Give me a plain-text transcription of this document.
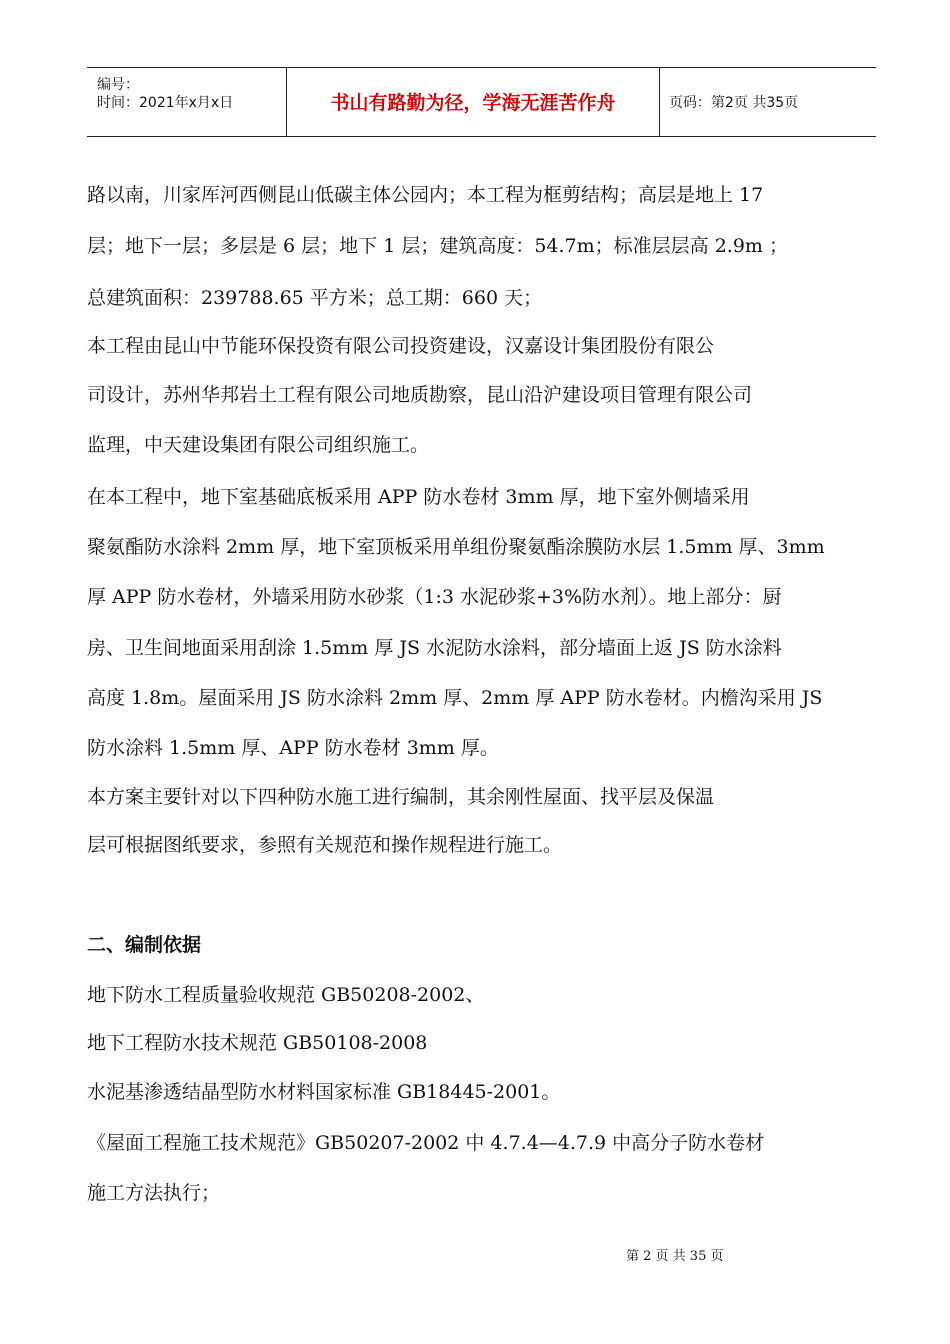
编号：
时间：2021年x月x日	书山有路勤为径，学海无涯苦作舟	页码：第2页 共35页
路以南，川家厍河西侧昆山低碳主体公园内；本工程为框剪结构；高层是地上 17
层；地下一层；多层是 6 层；地下 1 层；建筑高度：54.7m；标准层层高 2.9m ；
总建筑面积：239788.65 平方米；总工期：660 天；
本工程由昆山中节能环保投资有限公司投资建设，汉嘉设计集团股份有限公
司设计，苏州华邦岩土工程有限公司地质勘察，昆山沿沪建设项目管理有限公司
监理，中天建设集团有限公司组织施工。
在本工程中，地下室基础底板采用 APP 防水卷材 3mm 厚，地下室外侧墙采用
聚氨酯防水涂料 2mm 厚，地下室顶板采用单组份聚氨酯涂膜防水层 1.5mm 厚、3mm
厚 APP 防水卷材，外墙采用防水砂浆（1:3 水泥砂浆+3%防水剂）。地上部分：厨
房、卫生间地面采用刮涂 1.5mm 厚 JS 水泥防水涂料，部分墙面上返 JS 防水涂料
高度 1.8m。屋面采用 JS 防水涂料 2mm 厚、2mm 厚 APP 防水卷材。内檐沟采用 JS
防水涂料 1.5mm 厚、APP 防水卷材 3mm 厚。
本方案主要针对以下四种防水施工进行编制，其余刚性屋面、找平层及保温
层可根据图纸要求，参照有关规范和操作规程进行施工。
二、编制依据
地下防水工程质量验收规范 GB50208-2002、
地下工程防水技术规范 GB50108-2008
水泥基渗透结晶型防水材料国家标准 GB18445-2001。
《屋面工程施工技术规范》GB50207-2002 中 4.7.4—4.7.9 中高分子防水卷材
施工方法执行；
第 2 页 共 35 页
